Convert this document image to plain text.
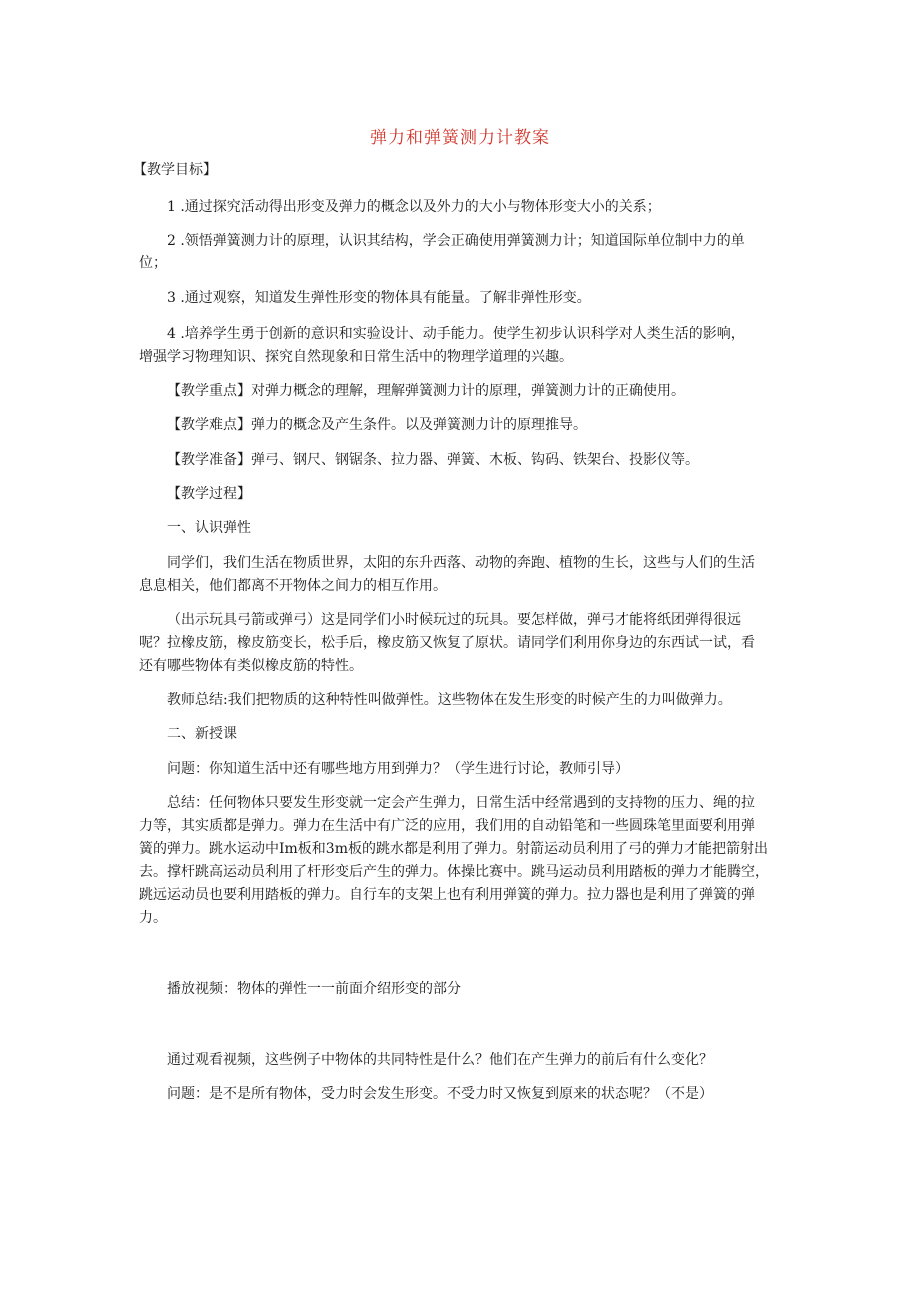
弹力和弹簧测力计教案
【教学目标】
1 .通过探究活动得出形变及弹力的概念以及外力的大小与物体形变大小的关系；
2 .领悟弹簧测力计的原理，认识其结构，学会正确使用弹簧测力计；知道国际单位制中力的单
位；
3 .通过观察，知道发生弹性形变的物体具有能量。了解非弹性形变。
4 .培养学生勇于创新的意识和实验设计、动手能力。使学生初步认识科学对人类生活的影响，
增强学习物理知识、探究自然现象和日常生活中的物理学道理的兴趣。
【教学重点】对弹力概念的理解，理解弹簧测力计的原理，弹簧测力计的正确使用。
【教学难点】弹力的概念及产生条件。以及弹簧测力计的原理推导。
【教学准备】弹弓、钢尺、钢锯条、拉力器、弹簧、木板、钩码、铁架台、投影仪等。
【教学过程】
一、认识弹性
同学们，我们生活在物质世界，太阳的东升西落、动物的奔跑、植物的生长，这些与人们的生活
息息相关，他们都离不开物体之间力的相互作用。
（出示玩具弓箭或弹弓）这是同学们小时候玩过的玩具。要怎样做，弹弓才能将纸团弹得很远
呢？拉橡皮筋，橡皮筋变长，松手后，橡皮筋又恢复了原状。请同学们利用你身边的东西试一试，看
还有哪些物体有类似橡皮筋的特性。
教师总结:我们把物质的这种特性叫做弹性。这些物体在发生形变的时候产生的力叫做弹力。
二、新授课
问题：你知道生活中还有哪些地方用到弹力？（学生进行讨论，教师引导）
总结：任何物体只要发生形变就一定会产生弹力，日常生活中经常遇到的支持物的压力、绳的拉
力等，其实质都是弹力。弹力在生活中有广泛的应用，我们用的自动铅笔和一些圆珠笔里面要利用弹
簧的弹力。跳水运动中Im板和3m板的跳水都是利用了弹力。射箭运动员利用了弓的弹力才能把箭射出
去。撑杆跳高运动员利用了杆形变后产生的弹力。体操比赛中。跳马运动员利用踏板的弹力才能腾空，
跳远运动员也要利用踏板的弹力。自行车的支架上也有利用弹簧的弹力。拉力器也是利用了弹簧的弹
力。
播放视频：物体的弹性一一前面介绍形变的部分
通过观看视频，这些例子中物体的共同特性是什么？他们在产生弹力的前后有什么变化？
问题：是不是所有物体，受力时会发生形变。不受力时又恢复到原来的状态呢？（不是）
